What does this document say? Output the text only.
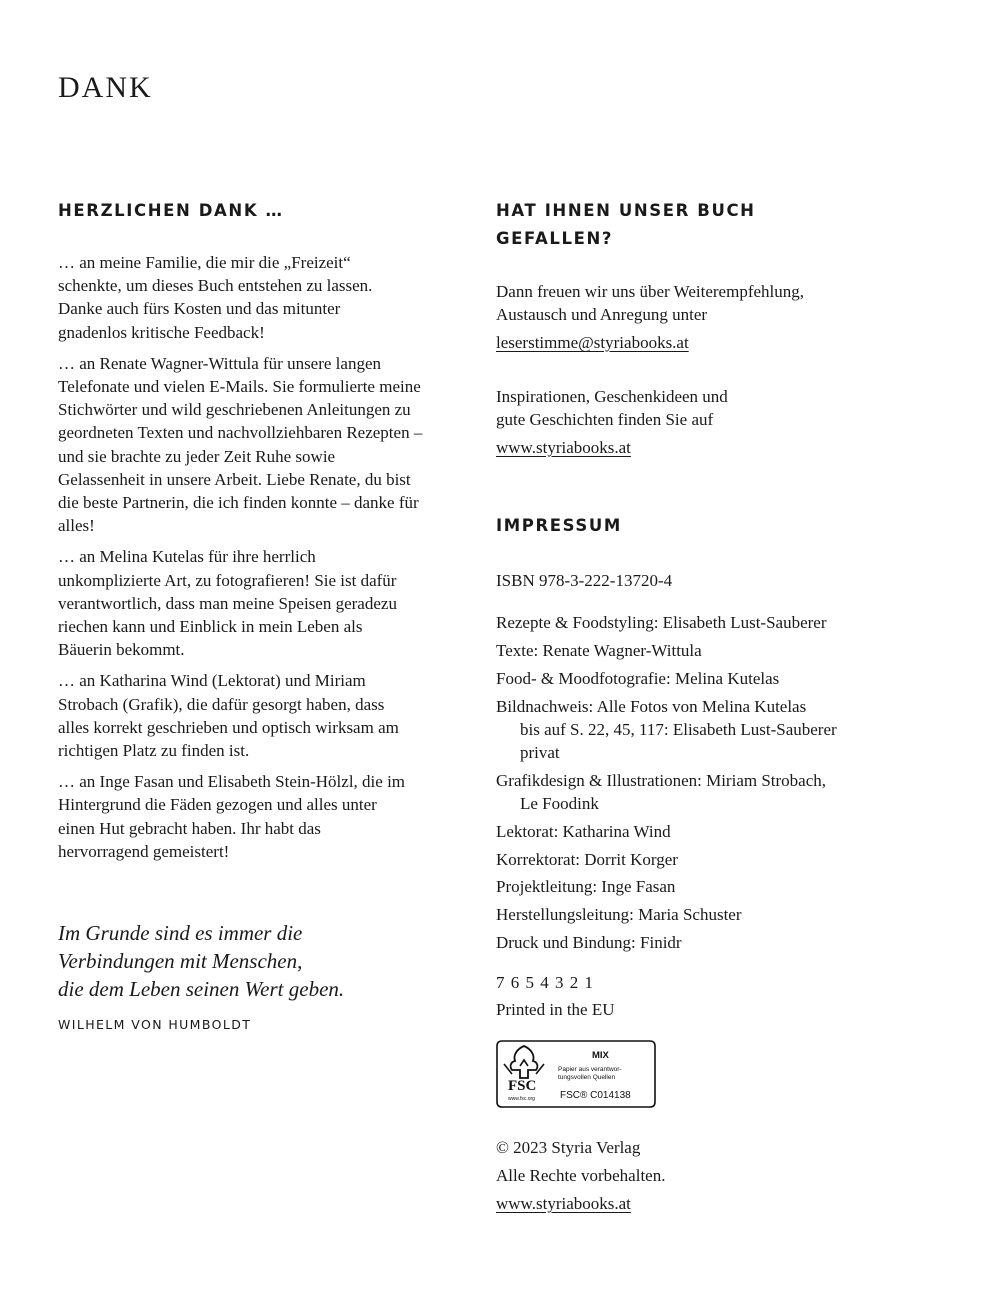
DANK
HERZLICHEN DANK …

… an meine Familie, die mir die „Freizeit“ schenkte, um dieses Buch entstehen zu lassen. Danke auch fürs Kosten und das mitunter gnadenlos kritische Feedback!

… an Renate Wagner-Wittula für unsere langen Telefonate und vielen E-Mails. Sie formulierte meine Stichwörter und wild geschriebenen Anleitungen zu geordneten Texten und nachvollziehbaren Rezepten – und sie brachte zu jeder Zeit Ruhe sowie Gelassenheit in unsere Arbeit. Liebe Renate, du bist die beste Partnerin, die ich finden konnte – danke für alles!

… an Melina Kutelas für ihre herrlich unkomplizierte Art, zu fotografieren! Sie ist dafür verantwortlich, dass man meine Speisen geradezu riechen kann und Einblick in mein Leben als Bäuerin bekommt.

… an Katharina Wind (Lektorat) und Miriam Strobach (Grafik), die dafür gesorgt haben, dass alles korrekt geschrieben und optisch wirksam am richtigen Platz zu finden ist.

… an Inge Fasan und Elisabeth Stein-Hölzl, die im Hintergrund die Fäden gezogen und alles unter einen Hut gebracht haben. Ihr habt das hervorragend gemeistert!

Im Grunde sind es immer die
Verbindungen mit Menschen,
die dem Leben seinen Wert geben.

WILHELM VON HUMBOLDT

HAT IHNEN UNSER BUCH
GEFALLEN?

Dann freuen wir uns über Weiterempfehlung,

Austausch und Anregung unter

leserstimme@styriabooks.at

Inspirationen, Geschenkideen und

gute Geschichten finden Sie auf

www.styriabooks.at

IMPRESSUM

ISBN 978-3-222-13720-4

Rezepte & Foodstyling: Elisabeth Lust-Sauberer

Texte: Renate Wagner-Wittula

Food- & Moodfotografie: Melina Kutelas

Bildnachweis: Alle Fotos von Melina Kutelas

bis auf S. 22, 45, 117: Elisabeth Lust-Sauberer

privat

Grafikdesign & Illustrationen: Miriam Strobach,

Le Foodink

Lektorat: Katharina Wind

Korrektorat: Dorrit Korger

Projektleitung: Inge Fasan

Herstellungsleitung: Maria Schuster

Druck und Bindung: Finidr

7 6 5 4 3 2 1

Printed in the EU

FSC
www.fsc.org
MIX
Papier aus verantwor-
tungsvollen Quellen
FSC® C014138

© 2023 Styria Verlag

Alle Rechte vorbehalten.

www.styriabooks.at
